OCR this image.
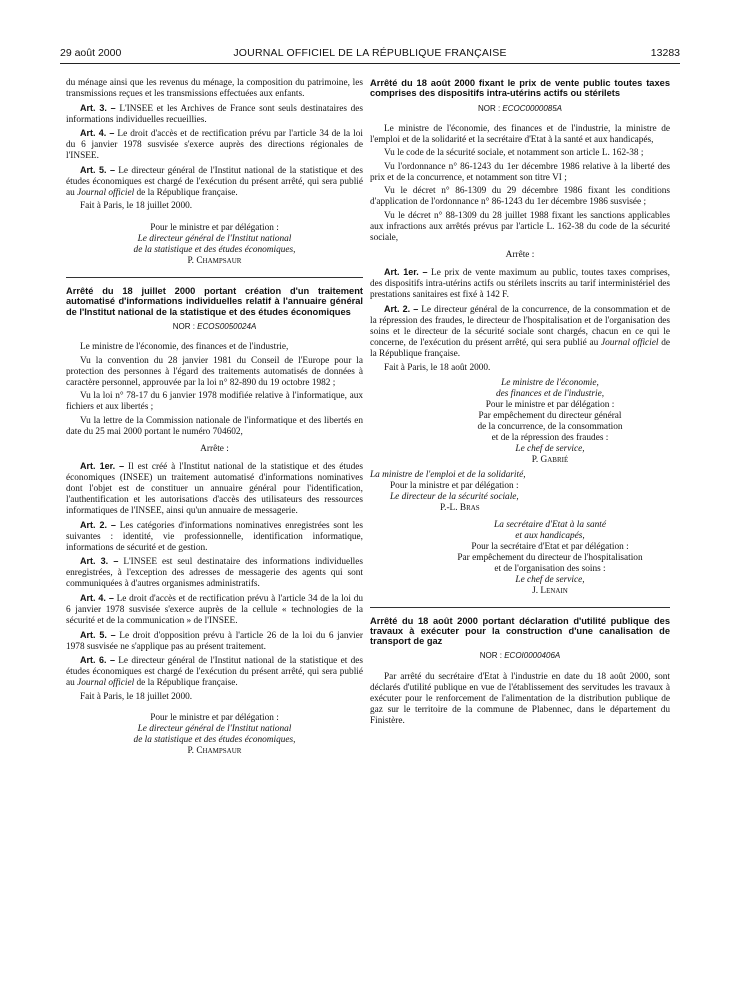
29 août 2000	JOURNAL OFFICIEL DE LA RÉPUBLIQUE FRANÇAISE	13283

du ménage ainsi que les revenus du ménage, la composition du patrimoine, les transmissions reçues et les transmissions effectuées aux enfants.

Art. 3. – L'INSEE et les Archives de France sont seuls destinataires des informations individuelles recueillies.

Art. 4. – Le droit d'accès et de rectification prévu par l'article 34 de la loi du 6 janvier 1978 susvisée s'exerce auprès des directions régionales de l'INSEE.

Art. 5. – Le directeur général de l'Institut national de la statistique et des études économiques est chargé de l'exécution du présent arrêté, qui sera publié au Journal officiel de la République française.

Fait à Paris, le 18 juillet 2000.

Pour le ministre et par délégation :

Le directeur général de l'Institut national

de la statistique et des études économiques,

P. Champsaur

Arrêté du 18 juillet 2000 portant création d'un traitement automatisé d'informations individuelles relatif à l'annuaire général de l'Institut national de la statistique et des études économiques

NOR : ECOS0050024A

Le ministre de l'économie, des finances et de l'industrie,

Vu la convention du 28 janvier 1981 du Conseil de l'Europe pour la protection des personnes à l'égard des traitements automatisés de données à caractère personnel, approuvée par la loi n° 82-890 du 19 octobre 1982 ;

Vu la loi n° 78-17 du 6 janvier 1978 modifiée relative à l'informatique, aux fichiers et aux libertés ;

Vu la lettre de la Commission nationale de l'informatique et des libertés en date du 25 mai 2000 portant le numéro 704602,

Arrête :

Art. 1er. – Il est créé à l'Institut national de la statistique et des études économiques (INSEE) un traitement automatisé d'informations nominatives dont l'objet est de constituer un annuaire général pour l'identification, l'authentification et les autorisations d'accès des utilisateurs des ressources informatiques de l'INSEE, ainsi qu'un annuaire de messagerie.

Art. 2. – Les catégories d'informations nominatives enregistrées sont les suivantes : identité, vie professionnelle, identification informatique, informations de sécurité et de gestion.

Art. 3. – L'INSEE est seul destinataire des informations individuelles enregistrées, à l'exception des adresses de messagerie des agents qui sont communiquées à d'autres organismes administratifs.

Art. 4. – Le droit d'accès et de rectification prévu à l'article 34 de la loi du 6 janvier 1978 susvisée s'exerce auprès de la cellule « technologies de la sécurité et de la communication » de l'INSEE.

Art. 5. – Le droit d'opposition prévu à l'article 26 de la loi du 6 janvier 1978 susvisée ne s'applique pas au présent traitement.

Art. 6. – Le directeur général de l'Institut national de la statistique et des études économiques est chargé de l'exécution du présent arrêté, qui sera publié au Journal officiel de la République française.

Fait à Paris, le 18 juillet 2000.

Pour le ministre et par délégation :

Le directeur général de l'Institut national

de la statistique et des études économiques,

P. Champsaur

Arrêté du 18 août 2000 fixant le prix de vente public toutes taxes comprises des dispositifs intra-utérins actifs ou stérilets

NOR : ECOC0000085A

Le ministre de l'économie, des finances et de l'industrie, la ministre de l'emploi et de la solidarité et la secrétaire d'Etat à la santé et aux handicapés,

Vu le code de la sécurité sociale, et notamment son article L. 162-38 ;

Vu l'ordonnance n° 86-1243 du 1er décembre 1986 relative à la liberté des prix et de la concurrence, et notamment son titre VI ;

Vu le décret n° 86-1309 du 29 décembre 1986 fixant les conditions d'application de l'ordonnance n° 86-1243 du 1er décembre 1986 susvisée ;

Vu le décret n° 88-1309 du 28 juillet 1988 fixant les sanctions applicables aux infractions aux arrêtés prévus par l'article L. 162-38 du code de la sécurité sociale,

Arrête :

Art. 1er. – Le prix de vente maximum au public, toutes taxes comprises, des dispositifs intra-utérins actifs ou stérilets inscrits au tarif interministériel des prestations sanitaires est fixé à 142 F.

Art. 2. – Le directeur général de la concurrence, de la consommation et de la répression des fraudes, le directeur de l'hospitalisation et de l'organisation des soins et le directeur de la sécurité sociale sont chargés, chacun en ce qui le concerne, de l'exécution du présent arrêté, qui sera publié au Journal officiel de la République française.

Fait à Paris, le 18 août 2000.

Le ministre de l'économie,

des finances et de l'industrie,

Pour le ministre et par délégation :

Par empêchement du directeur général

de la concurrence, de la consommation

et de la répression des fraudes :

Le chef de service,

P. Gabrié

La ministre de l'emploi et de la solidarité,

Pour la ministre et par délégation :

Le directeur de la sécurité sociale,

P.-L. Bras

La secrétaire d'Etat à la santé

et aux handicapés,

Pour la secrétaire d'Etat et par délégation :

Par empêchement du directeur de l'hospitalisation

et de l'organisation des soins :

Le chef de service,

J. Lenain

Arrêté du 18 août 2000 portant déclaration d'utilité publique des travaux à exécuter pour la construction d'une canalisation de transport de gaz

NOR : ECOI0000406A

Par arrêté du secrétaire d'Etat à l'industrie en date du 18 août 2000, sont déclarés d'utilité publique en vue de l'établissement des servitudes les travaux à exécuter pour le renforcement de l'alimentation de la distribution publique de gaz sur le territoire de la commune de Plabennec, dans le département du Finistère.
